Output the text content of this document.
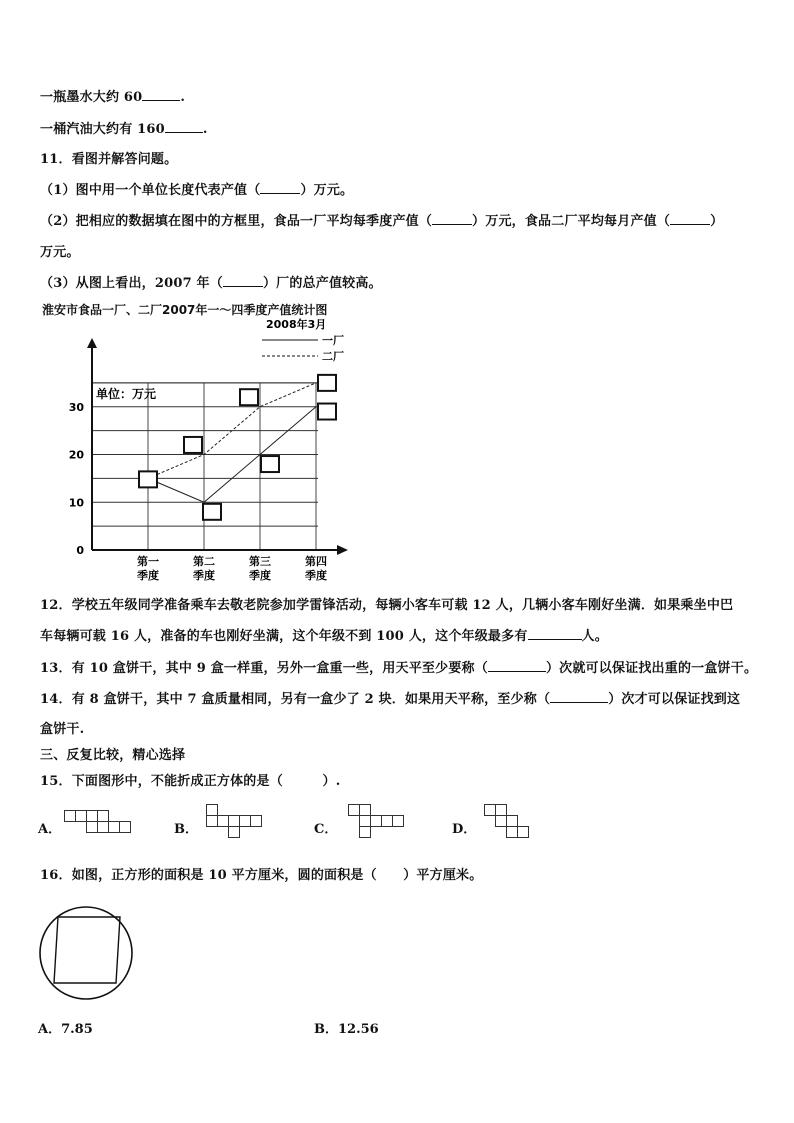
一瓶墨水大约 60	.
一桶汽油大约有 160	.
11．看图并解答问题。
（1）图中用一个单位长度代表产值（	）万元。
（2）把相应的数据填在图中的方框里，食品一厂平均每季度产值（	）万元，食品二厂平均每月产值（	）
万元。
（3）从图上看出，2007 年（	）厂的总产值较高。
淮安市食品一厂、二厂2007年一～四季度产值统计图
单位：万元
0
10
20
30
第一
季度
第二
季度
第三
季度
第四
季度
2008年3月
一厂
二厂
12．学校五年级同学准备乘车去敬老院参加学雷锋活动，每辆小客车可载 12 人，几辆小客车刚好坐满．如果乘坐中巴
车每辆可载 16 人，准备的车也刚好坐满，这个年级不到 100 人，这个年级最多有	人。
13．有 10 盒饼干，其中 9 盒一样重，另外一盒重一些，用天平至少要称（	）次就可以保证找出重的一盒饼干。
14．有 8 盒饼干，其中 7 盒质量相同，另有一盒少了 2 块．如果用天平称，至少称（	）次才可以保证找到这
盒饼干.
三、反复比较，精心选择
15．下面图形中，不能折成正方体的是（　　　）.
A．	B．	C．	D．
16．如图，正方形的面积是 10 平方厘米，圆的面积是（　　）平方厘米。
A．7.85	B．12.56
